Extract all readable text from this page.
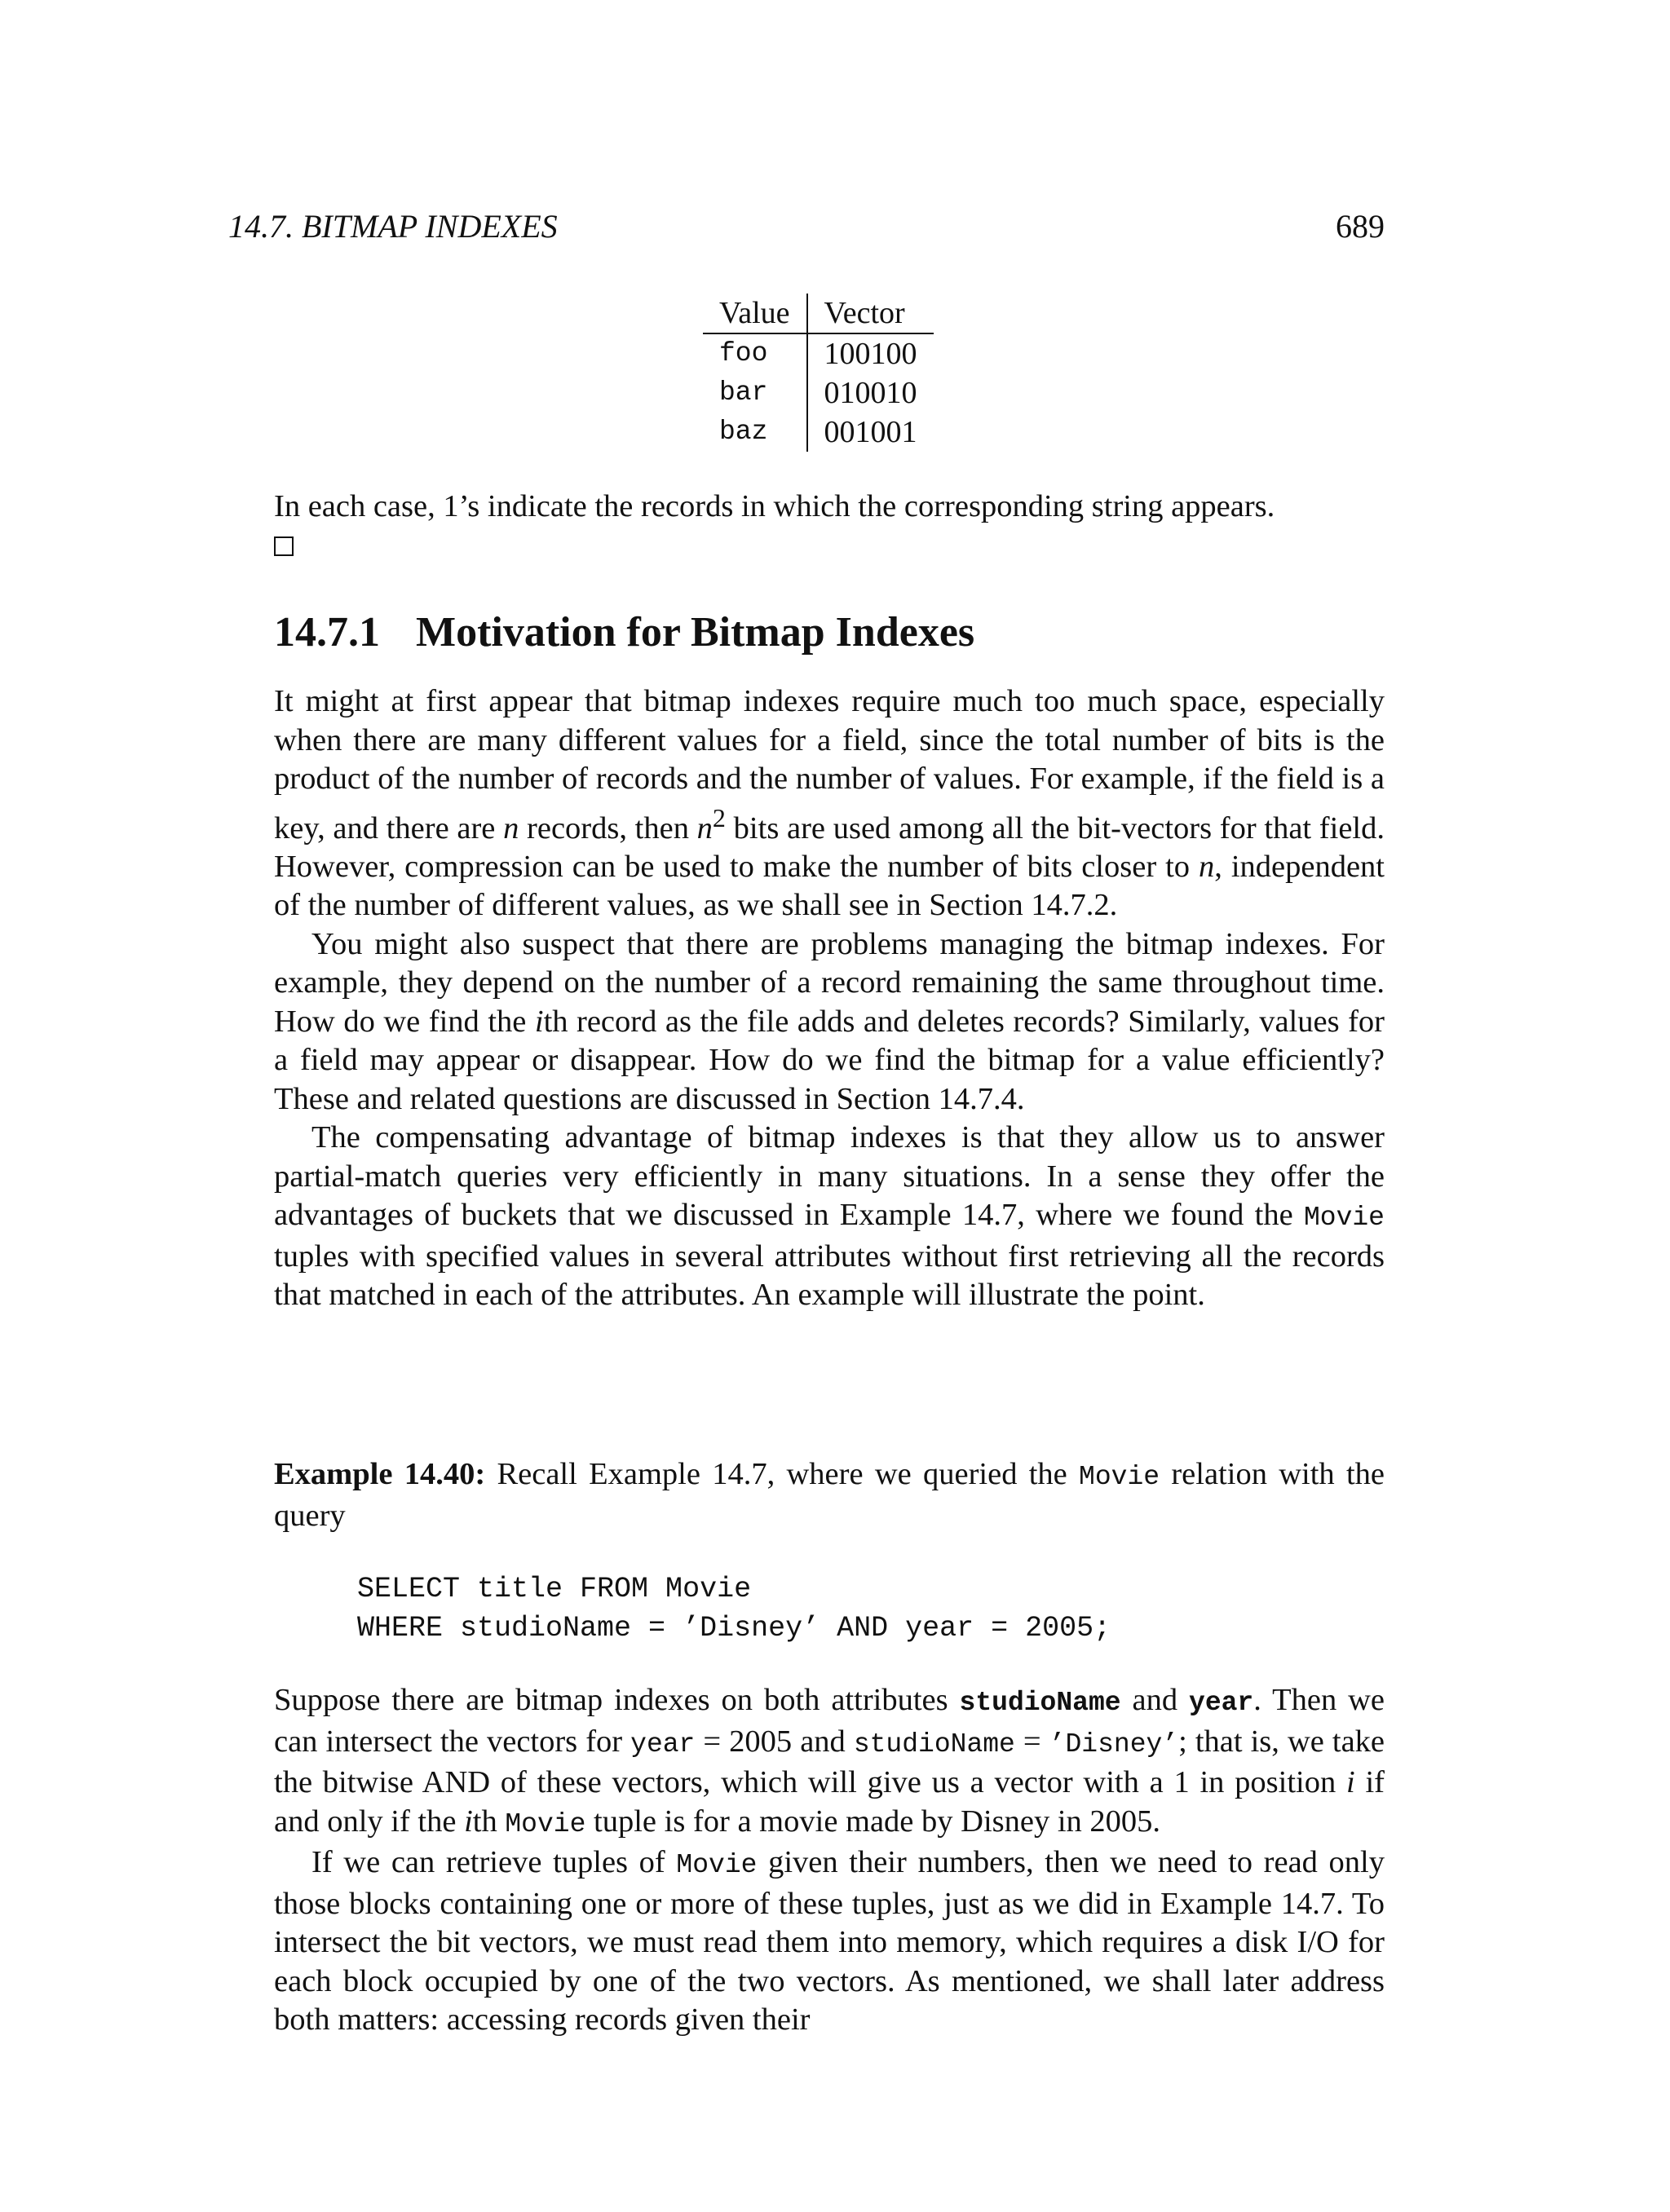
14.7. BITMAP INDEXES	689
Value	Vector
foo	100100
bar	010010
baz	001001

In each case, 1’s indicate the records in which the corresponding string appears.

14.7.1 Motivation for Bitmap Indexes

It might at first appear that bitmap indexes require much too much space, especially when there are many different values for a field, since the total number of bits is the product of the number of records and the number of values. For example, if the field is a key, and there are n records, then $n^2$ bits are used among all the bit-vectors for that field. However, compression can be used to make the number of bits closer to n, independent of the number of different values, as we shall see in Section 14.7.2.

You might also suspect that there are problems managing the bitmap indexes. For example, they depend on the number of a record remaining the same throughout time. How do we find the ith record as the file adds and deletes records? Similarly, values for a field may appear or disappear. How do we find the bitmap for a value efficiently? These and related questions are discussed in Section 14.7.4.

The compensating advantage of bitmap indexes is that they allow us to answer partial-match queries very efficiently in many situations. In a sense they offer the advantages of buckets that we discussed in Example 14.7, where we found the Movie tuples with specified values in several attributes without first retrieving all the records that matched in each of the attributes. An example will illustrate the point.

Example 14.40: Recall Example 14.7, where we queried the Movie relation with the query

SELECT title FROM Movie
WHERE studioName = ’Disney’ AND year = 2005;

Suppose there are bitmap indexes on both attributes studioName and year. Then we can intersect the vectors for year = 2005 and studioName = ’Disney’; that is, we take the bitwise AND of these vectors, which will give us a vector with a 1 in position i if and only if the ith Movie tuple is for a movie made by Disney in 2005.

If we can retrieve tuples of Movie given their numbers, then we need to read only those blocks containing one or more of these tuples, just as we did in Example 14.7. To intersect the bit vectors, we must read them into memory, which requires a disk I/O for each block occupied by one of the two vectors. As mentioned, we shall later address both matters: accessing records given their
